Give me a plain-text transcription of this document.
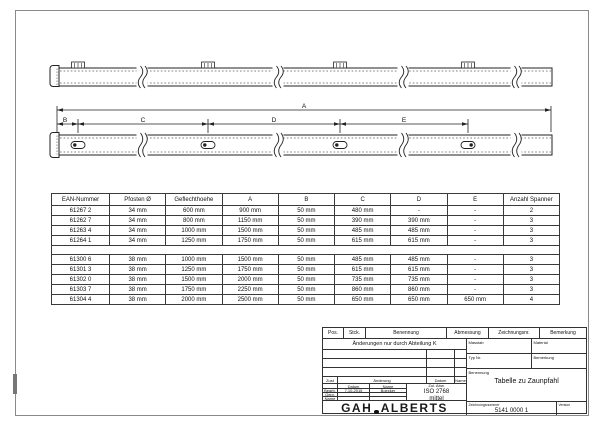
A
B	C	D	E
EAN-Nummer	Pfosten Ø	Geflechthoehe	A	B	C	D	E	Anzahl Spanner
61267 2	34 mm	600 mm	900 mm	50 mm	480 mm	-	-	2
61262 7	34 mm	800 mm	1150 mm	50 mm	390 mm	390 mm	-	3
61263 4	34 mm	1000 mm	1500 mm	50 mm	485 mm	485 mm	-	3
61264 1	34 mm	1250 mm	1750 mm	50 mm	615 mm	615 mm	-	3

61300 6	38 mm	1000 mm	1500 mm	50 mm	485 mm	485 mm	-	3
61301 3	38 mm	1250 mm	1750 mm	50 mm	615 mm	615 mm	-	3
61302 0	38 mm	1500 mm	2000 mm	50 mm	735 mm	735 mm	-	3
61303 7	38 mm	1750 mm	2250 mm	50 mm	860 mm	860 mm	-	3
61304 4	38 mm	2000 mm	2500 mm	50 mm	650 mm	650 mm	650 mm	4
Pos. Stck.	Benennung	Abmessung	Zeichnungsnr.	Bemerkung
Änderungen nur durch Abteilung K
Zust	Änderung	Datum Name
Datum	Name
Bearb. 7.10.2015	Boecker
Gepr.
Name
Zul. Abw.
ISO 2768
mittel
GAH ALBERTS
Masstab	Material
Typ Nr.	Bemerkung
Benennung
Tabelle zu Zaunpfahl
Zeichnungsnummer
5141 0000 1
Version
